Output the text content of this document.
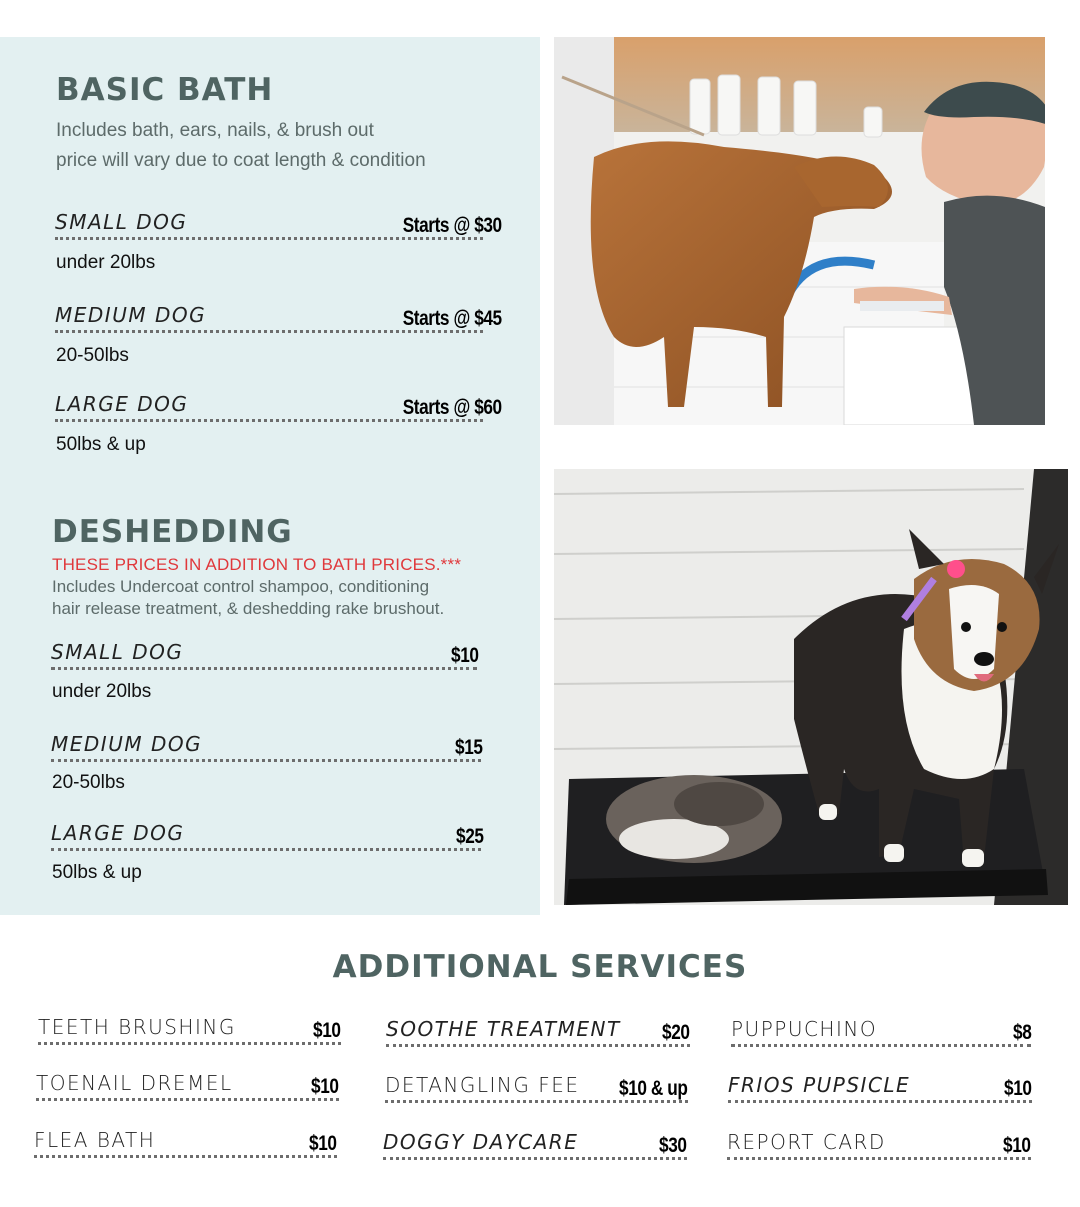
BASIC BATH
Includes bath, ears, nails, & brush out
price will vary due to coat length & condition
SMALL DOG	Starts @ $30
under 20lbs
MEDIUM DOG	Starts @ $45
20-50lbs
LARGE DOG	Starts @ $60
50lbs & up
DESHEDDING
THESE PRICES IN ADDITION TO BATH PRICES.***
Includes Undercoat control shampoo, conditioning
hair release treatment, & deshedding rake brushout.
SMALL DOG	$10
under 20lbs
MEDIUM DOG	$15
20-50lbs
LARGE DOG	$25
50lbs & up
ADDITIONAL SERVICES
TEETH BRUSHING	$10 SOOTHE TREATMENT $20 PUPPUCHINO	$8
TOENAIL DREMEL	$10 DETANGLING FEE $10 & up FRIOS PUPSICLE	$10
FLEA BATH	$10 DOGGY DAYCARE	$30 REPORT CARD	$10
